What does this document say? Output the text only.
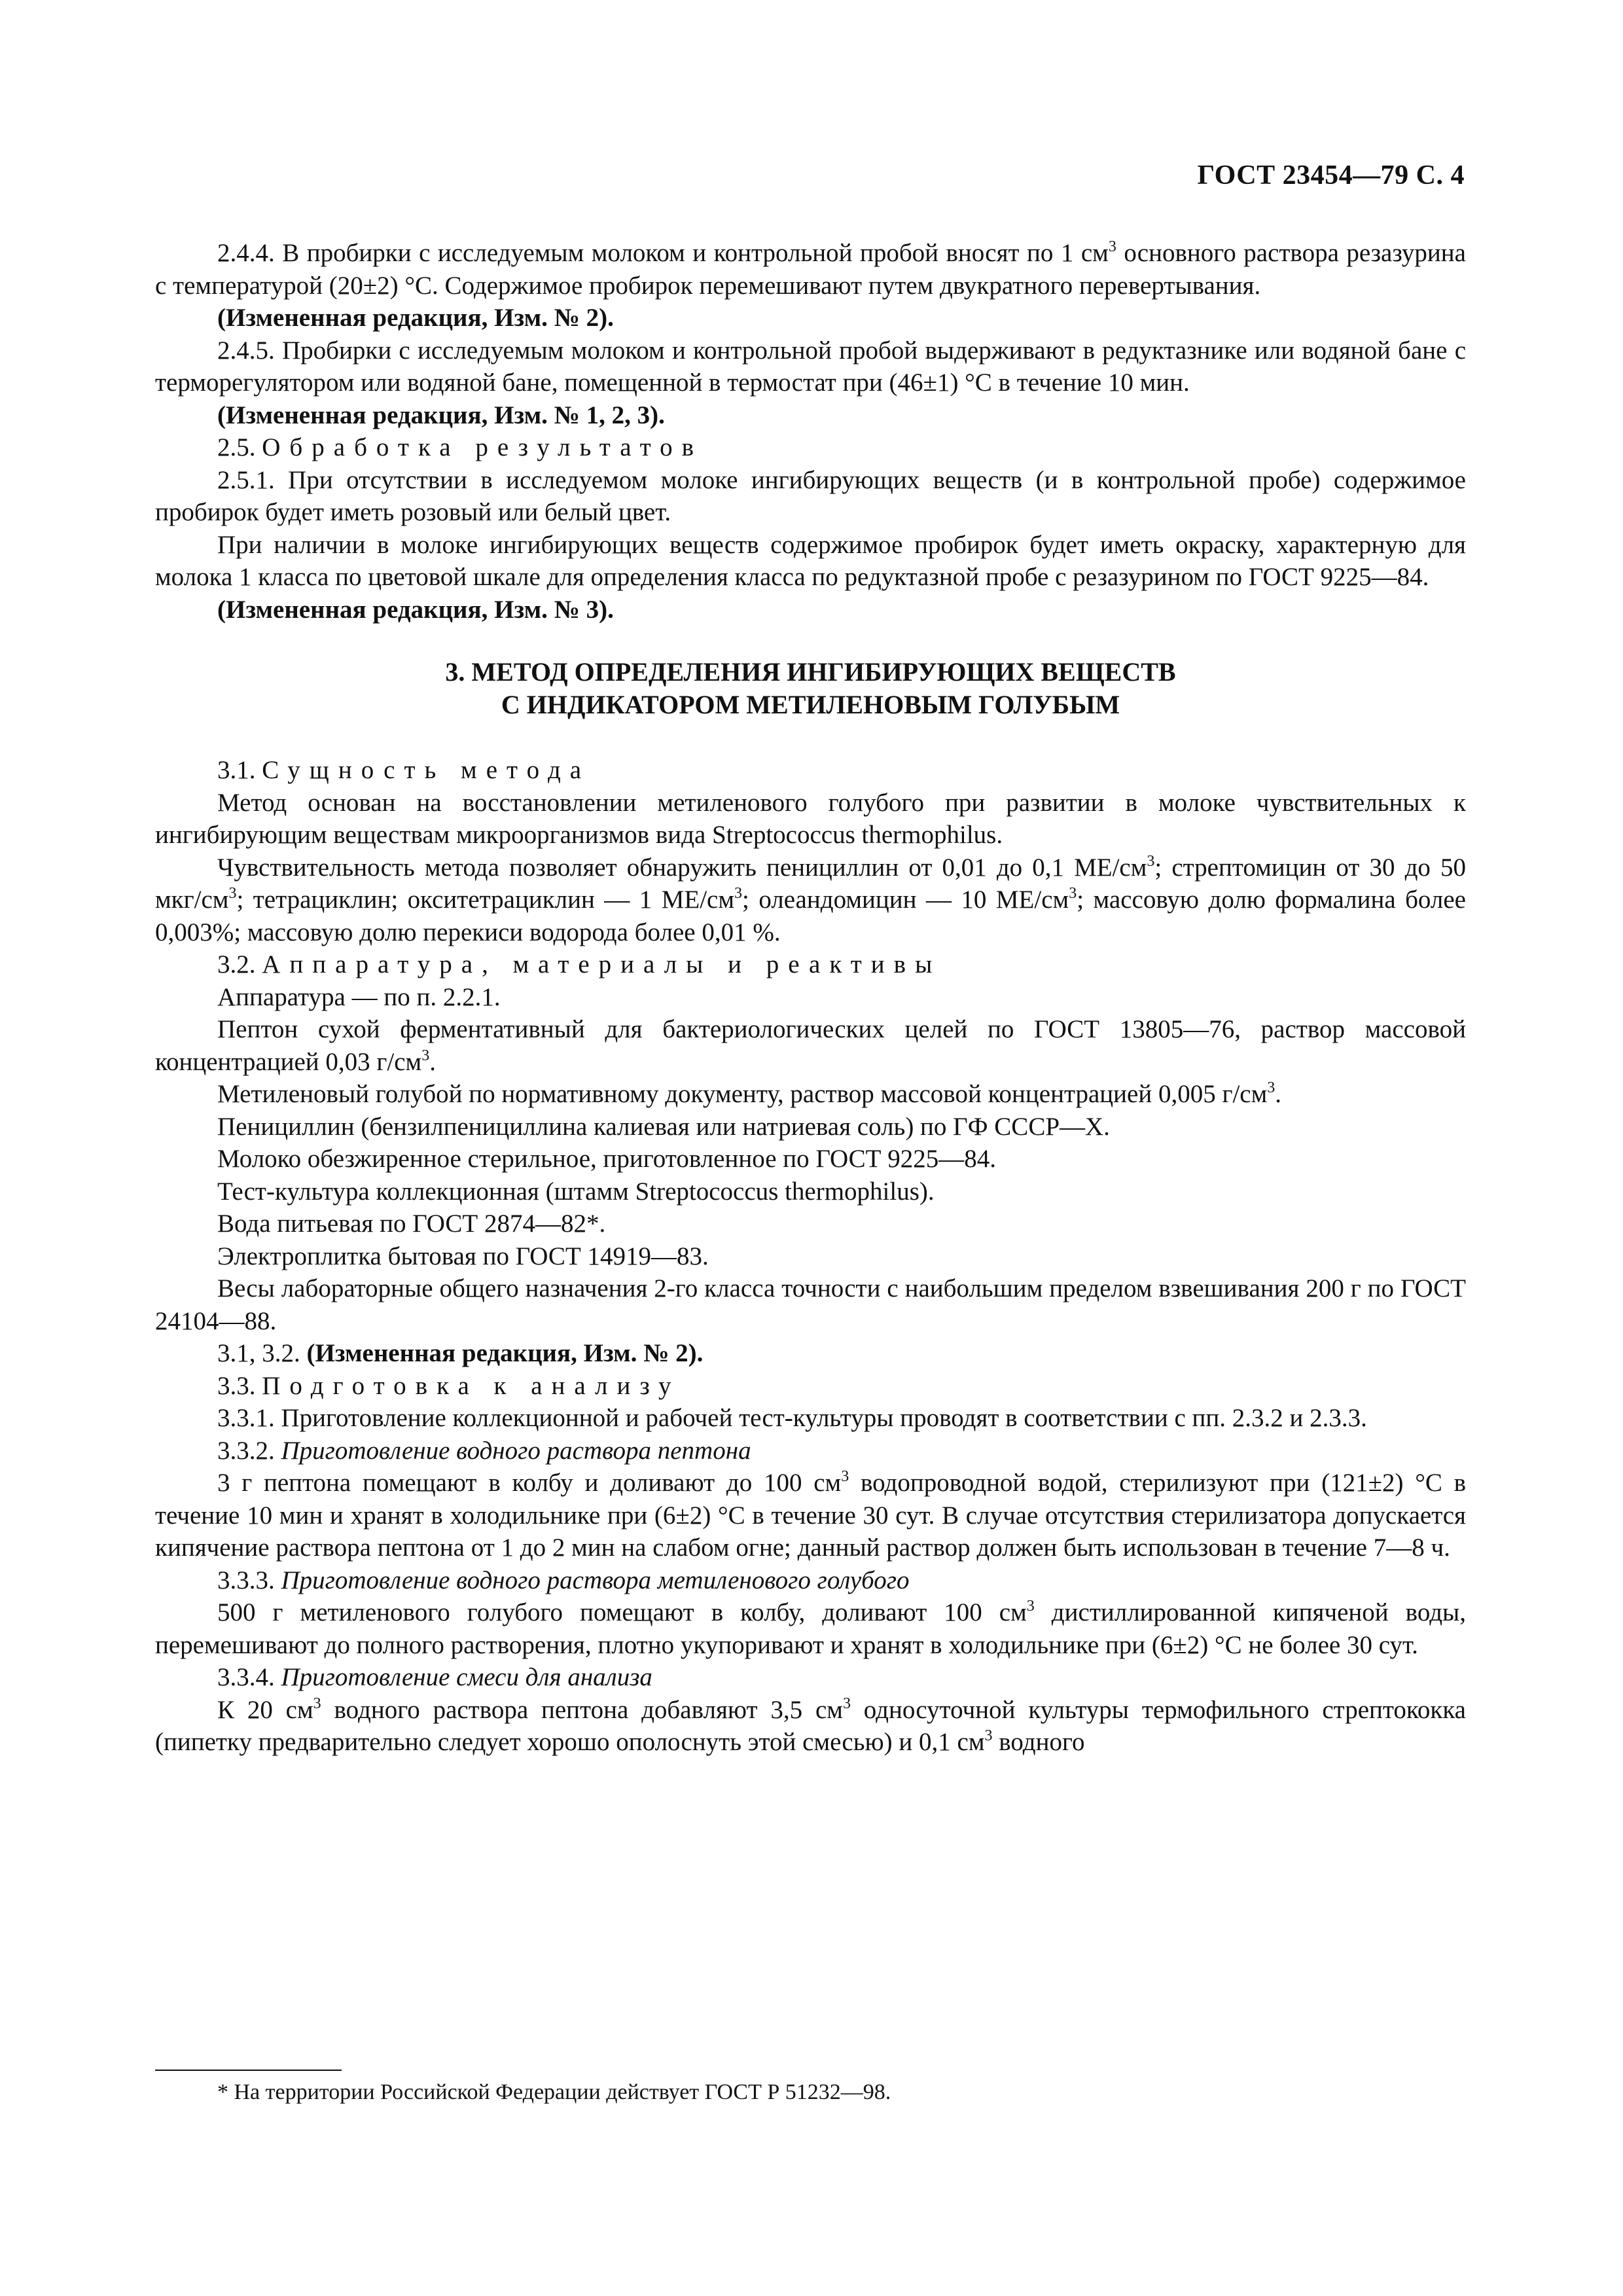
ГОСТ 23454—79 С. 4

2.4.4. В пробирки с исследуемым молоком и контрольной пробой вносят по 1 $см^3$ основного раствора резазурина с температурой (20±2) °С. Содержимое пробирок перемешивают путем двукратного перевертывания.

(Измененная редакция, Изм. № 2).

2.4.5. Пробирки с исследуемым молоком и контрольной пробой выдерживают в редуктазнике или водяной бане с терморегулятором или водяной бане, помещенной в термостат при (46±1) °С в течение 10 мин.

(Измененная редакция, Изм. № 1, 2, 3).

2.5. Обработка результатов

2.5.1. При отсутствии в исследуемом молоке ингибирующих веществ (и в контрольной пробе) содержимое пробирок будет иметь розовый или белый цвет.

При наличии в молоке ингибирующих веществ содержимое пробирок будет иметь окраску, характерную для молока 1 класса по цветовой шкале для определения класса по редуктазной пробе с резазурином по ГОСТ 9225—84.

(Измененная редакция, Изм. № 3).

3. МЕТОД ОПРЕДЕЛЕНИЯ ИНГИБИРУЮЩИХ ВЕЩЕСТВ
С ИНДИКАТОРОМ МЕТИЛЕНОВЫМ ГОЛУБЫМ

3.1. Сущность метода

Метод основан на восстановлении метиленового голубого при развитии в молоке чувствительных к ингибирующим веществам микроорганизмов вида Streptococcus thermophilus.

Чувствительность метода позволяет обнаружить пенициллин от 0,01 до 0,1 $МЕ/см^3$; стрептомицин от 30 до 50 мкг/$см^3$; тетрациклин; окситетрациклин — 1 $МЕ/см^3$; олеандомицин — 10 $МЕ/см^3$; массовую долю формалина более 0,003%; массовую долю перекиси водорода более 0,01 %.

3.2. Аппаратура, материалы и реактивы

Аппаратура — по п. 2.2.1.

Пептон сухой ферментативный для бактериологических целей по ГОСТ 13805—76, раствор массовой концентрацией 0,03 $г/см^3$.

Метиленовый голубой по нормативному документу, раствор массовой концентрацией 0,005 $г/см^3$.

Пенициллин (бензилпенициллина калиевая или натриевая соль) по ГФ СССР—Х.

Молоко обезжиренное стерильное, приготовленное по ГОСТ 9225—84.

Тест-культура коллекционная (штамм Streptococcus thermophilus).

Вода питьевая по ГОСТ 2874—82*.

Электроплитка бытовая по ГОСТ 14919—83.

Весы лабораторные общего назначения 2-го класса точности с наибольшим пределом взвешивания 200 г по ГОСТ 24104—88.

3.1, 3.2. (Измененная редакция, Изм. № 2).

3.3. Подготовка к анализу

3.3.1. Приготовление коллекционной и рабочей тест-культуры проводят в соответствии с пп. 2.3.2 и 2.3.3.

3.3.2. Приготовление водного раствора пептона

3 г пептона помещают в колбу и доливают до 100 $см^3$ водопроводной водой, стерилизуют при (121±2) °С в течение 10 мин и хранят в холодильнике при (6±2) °С в течение 30 сут. В случае отсутствия стерилизатора допускается кипячение раствора пептона от 1 до 2 мин на слабом огне; данный раствор должен быть использован в течение 7—8 ч.

3.3.3. Приготовление водного раствора метиленового голубого

500 г метиленового голубого помещают в колбу, доливают 100 $см^3$ дистиллированной кипяченой воды, перемешивают до полного растворения, плотно укупоривают и хранят в холодильнике при (6±2) °С не более 30 сут.

3.3.4. Приготовление смеси для анализа

К 20 $см^3$ водного раствора пептона добавляют 3,5 $см^3$ односуточной культуры термофильного стрептококка (пипетку предварительно следует хорошо ополоснуть этой смесью) и 0,1 $см^3$ водного

* На территории Российской Федерации действует ГОСТ Р 51232—98.
